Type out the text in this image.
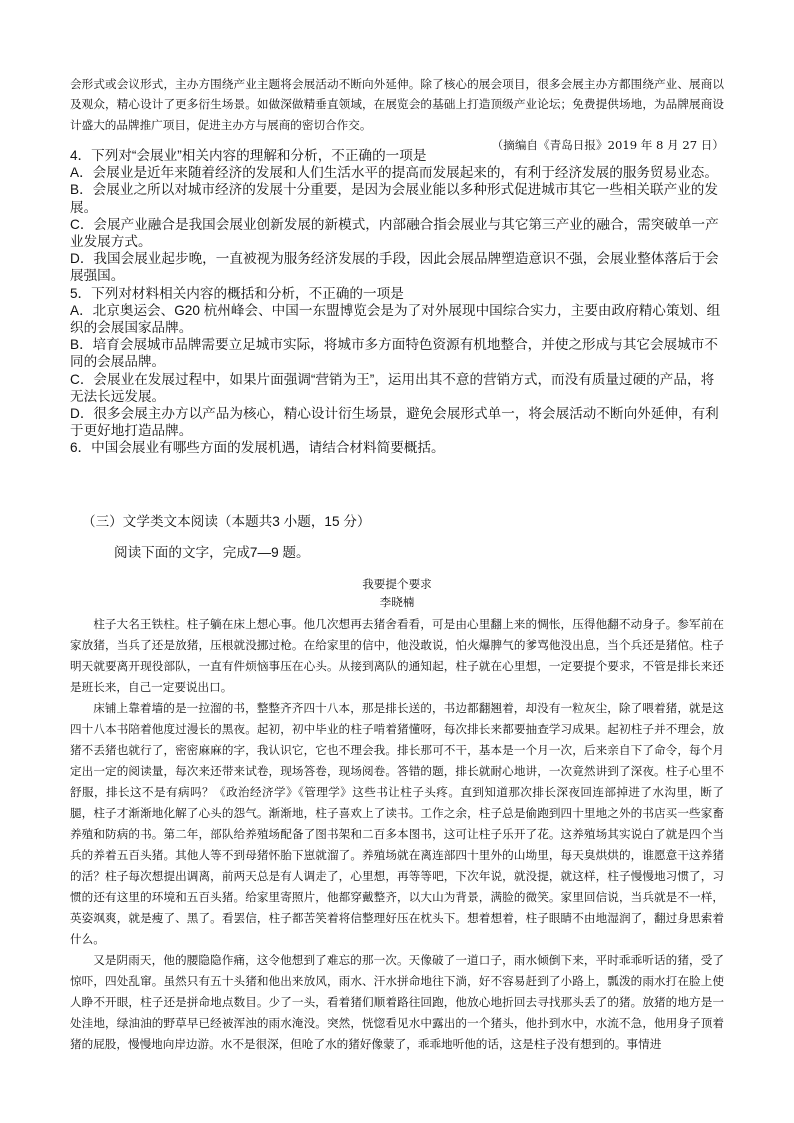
会形式或会议形式，主办方围绕产业主题将会展活动不断向外延伸。除了核心的展会项目，很多会展主办方都围绕产业、展商以及观众，精心设计了更多衍生场景。如做深做精垂直领域，在展览会的基础上打造顶级产业论坛；免费提供场地，为品牌展商设计盛大的品牌推广项目，促进主办方与展商的密切合作交。
（摘编自《青岛日报》2019 年 8 月 27 日）

4．下列对“会展业”相关内容的理解和分析，不正确的一项是

A．会展业是近年来随着经济的发展和人们生活水平的提高而发展起来的，有利于经济发展的服务贸易业态。

B．会展业之所以对城市经济的发展十分重要，是因为会展业能以多种形式促进城市其它一些相关联产业的发展。

C．会展产业融合是我国会展业创新发展的新模式，内部融合指会展业与其它第三产业的融合，需突破单一产业发展方式。

D．我国会展业起步晚，一直被视为服务经济发展的手段，因此会展品牌塑造意识不强，会展业整体落后于会展强国。

5．下列对材料相关内容的概括和分析，不正确的一项是

A．北京奥运会、G20 杭州峰会、中国一东盟博览会是为了对外展现中国综合实力，主要由政府精心策划、组织的会展国家品牌。

B．培育会展城市品牌需要立足城市实际，将城市多方面特色资源有机地整合，并使之形成与其它会展城市不同的会展品牌。

C．会展业在发展过程中，如果片面强调“营销为王”，运用出其不意的营销方式，而没有质量过硬的产品，将无法长远发展。

D．很多会展主办方以产品为核心，精心设计衍生场景，避免会展形式单一，将会展活动不断向外延伸，有利于更好地打造品牌。

6．中国会展业有哪些方面的发展机遇，请结合材料简要概括。

（三）文学类文本阅读（本题共3 小题，15 分）
阅读下面的文字，完成7—9 题。
我要提个要求
李晓楠

柱子大名王铁柱。柱子躺在床上想心事。他几次想再去猪舍看看，可是由心里翻上来的惆怅，压得他翻不动身子。参军前在家放猪，当兵了还是放猪，压根就没挪过枪。在给家里的信中，他没敢说，怕火爆脾气的爹骂他没出息，当个兵还是猪倌。柱子明天就要离开现役部队，一直有件烦恼事压在心头。从接到离队的通知起，柱子就在心里想，一定要提个要求，不管是排长来还是班长来，自己一定要说出口。

床铺上靠着墙的是一拉溜的书，整整齐齐四十八本，那是排长送的，书边都翻翘着，却没有一粒灰尘，除了喂着猪，就是这四十八本书陪着他度过漫长的黑夜。起初，初中毕业的柱子啃着猪懂呀，每次排长来都要抽查学习成果。起初柱子并不理会，放猪不丢猪也就行了，密密麻麻的字，我认识它，它也不理会我。排长那可不干，基本是一个月一次，后来亲自下了命令，每个月定出一定的阅读量，每次来还带来试卷，现场答卷，现场阅卷。答错的题，排长就耐心地讲，一次竟然讲到了深夜。柱子心里不舒服，排长这不是有病吗？《政治经济学》《管理学》这些书让柱子头疼。直到知道那次排长深夜回连部掉进了水沟里，断了腿，柱子才渐渐地化解了心头的怨气。渐渐地，柱子喜欢上了读书。工作之余，柱子总是偷跑到四十里地之外的书店买一些家畜养殖和防病的书。第二年，部队给养殖场配备了图书架和二百多本图书，这可让柱子乐开了花。这养殖场其实说白了就是四个当兵的养着五百头猪。其他人等不到母猪怀胎下崽就溜了。养殖场就在离连部四十里外的山坳里，每天臭烘烘的，谁愿意干这养猪的活？柱子每次想提出调离，前两天总是有人调走了，心里想，再等等吧，下次年说，就没提，就这样，柱子慢慢地习惯了，习惯的还有这里的环境和五百头猪。给家里寄照片，他都穿戴整齐，以大山为背景，满脸的微笑。家里回信说，当兵就是不一样，英姿飒爽，就是瘦了、黑了。看罢信，柱子都苦笑着将信整理好压在枕头下。想着想着，柱子眼睛不由地湿润了，翻过身思索着什么。

又是阴雨天，他的腰隐隐作痛，这令他想到了难忘的那一次。天像破了一道口子，雨水倾倒下来，平时乖乖听话的猪，受了惊吓，四处乱窜。虽然只有五十头猪和他出来放风，雨水、汗水拼命地往下淌，好不容易赶到了小路上，瓢泼的雨水打在脸上使人睁不开眼，柱子还是拼命地点数目。少了一头，看着猪们顺着路往回跑，他放心地折回去寻找那头丢了的猪。放猪的地方是一处洼地，绿油油的野草早已经被浑浊的雨水淹没。突然，恍惚看见水中露出的一个猪头，他扑到水中，水流不急，他用身子顶着猪的屁股，慢慢地向岸边游。水不是很深，但呛了水的猪好像蒙了，乖乖地听他的话，这是柱子没有想到的。事情进
